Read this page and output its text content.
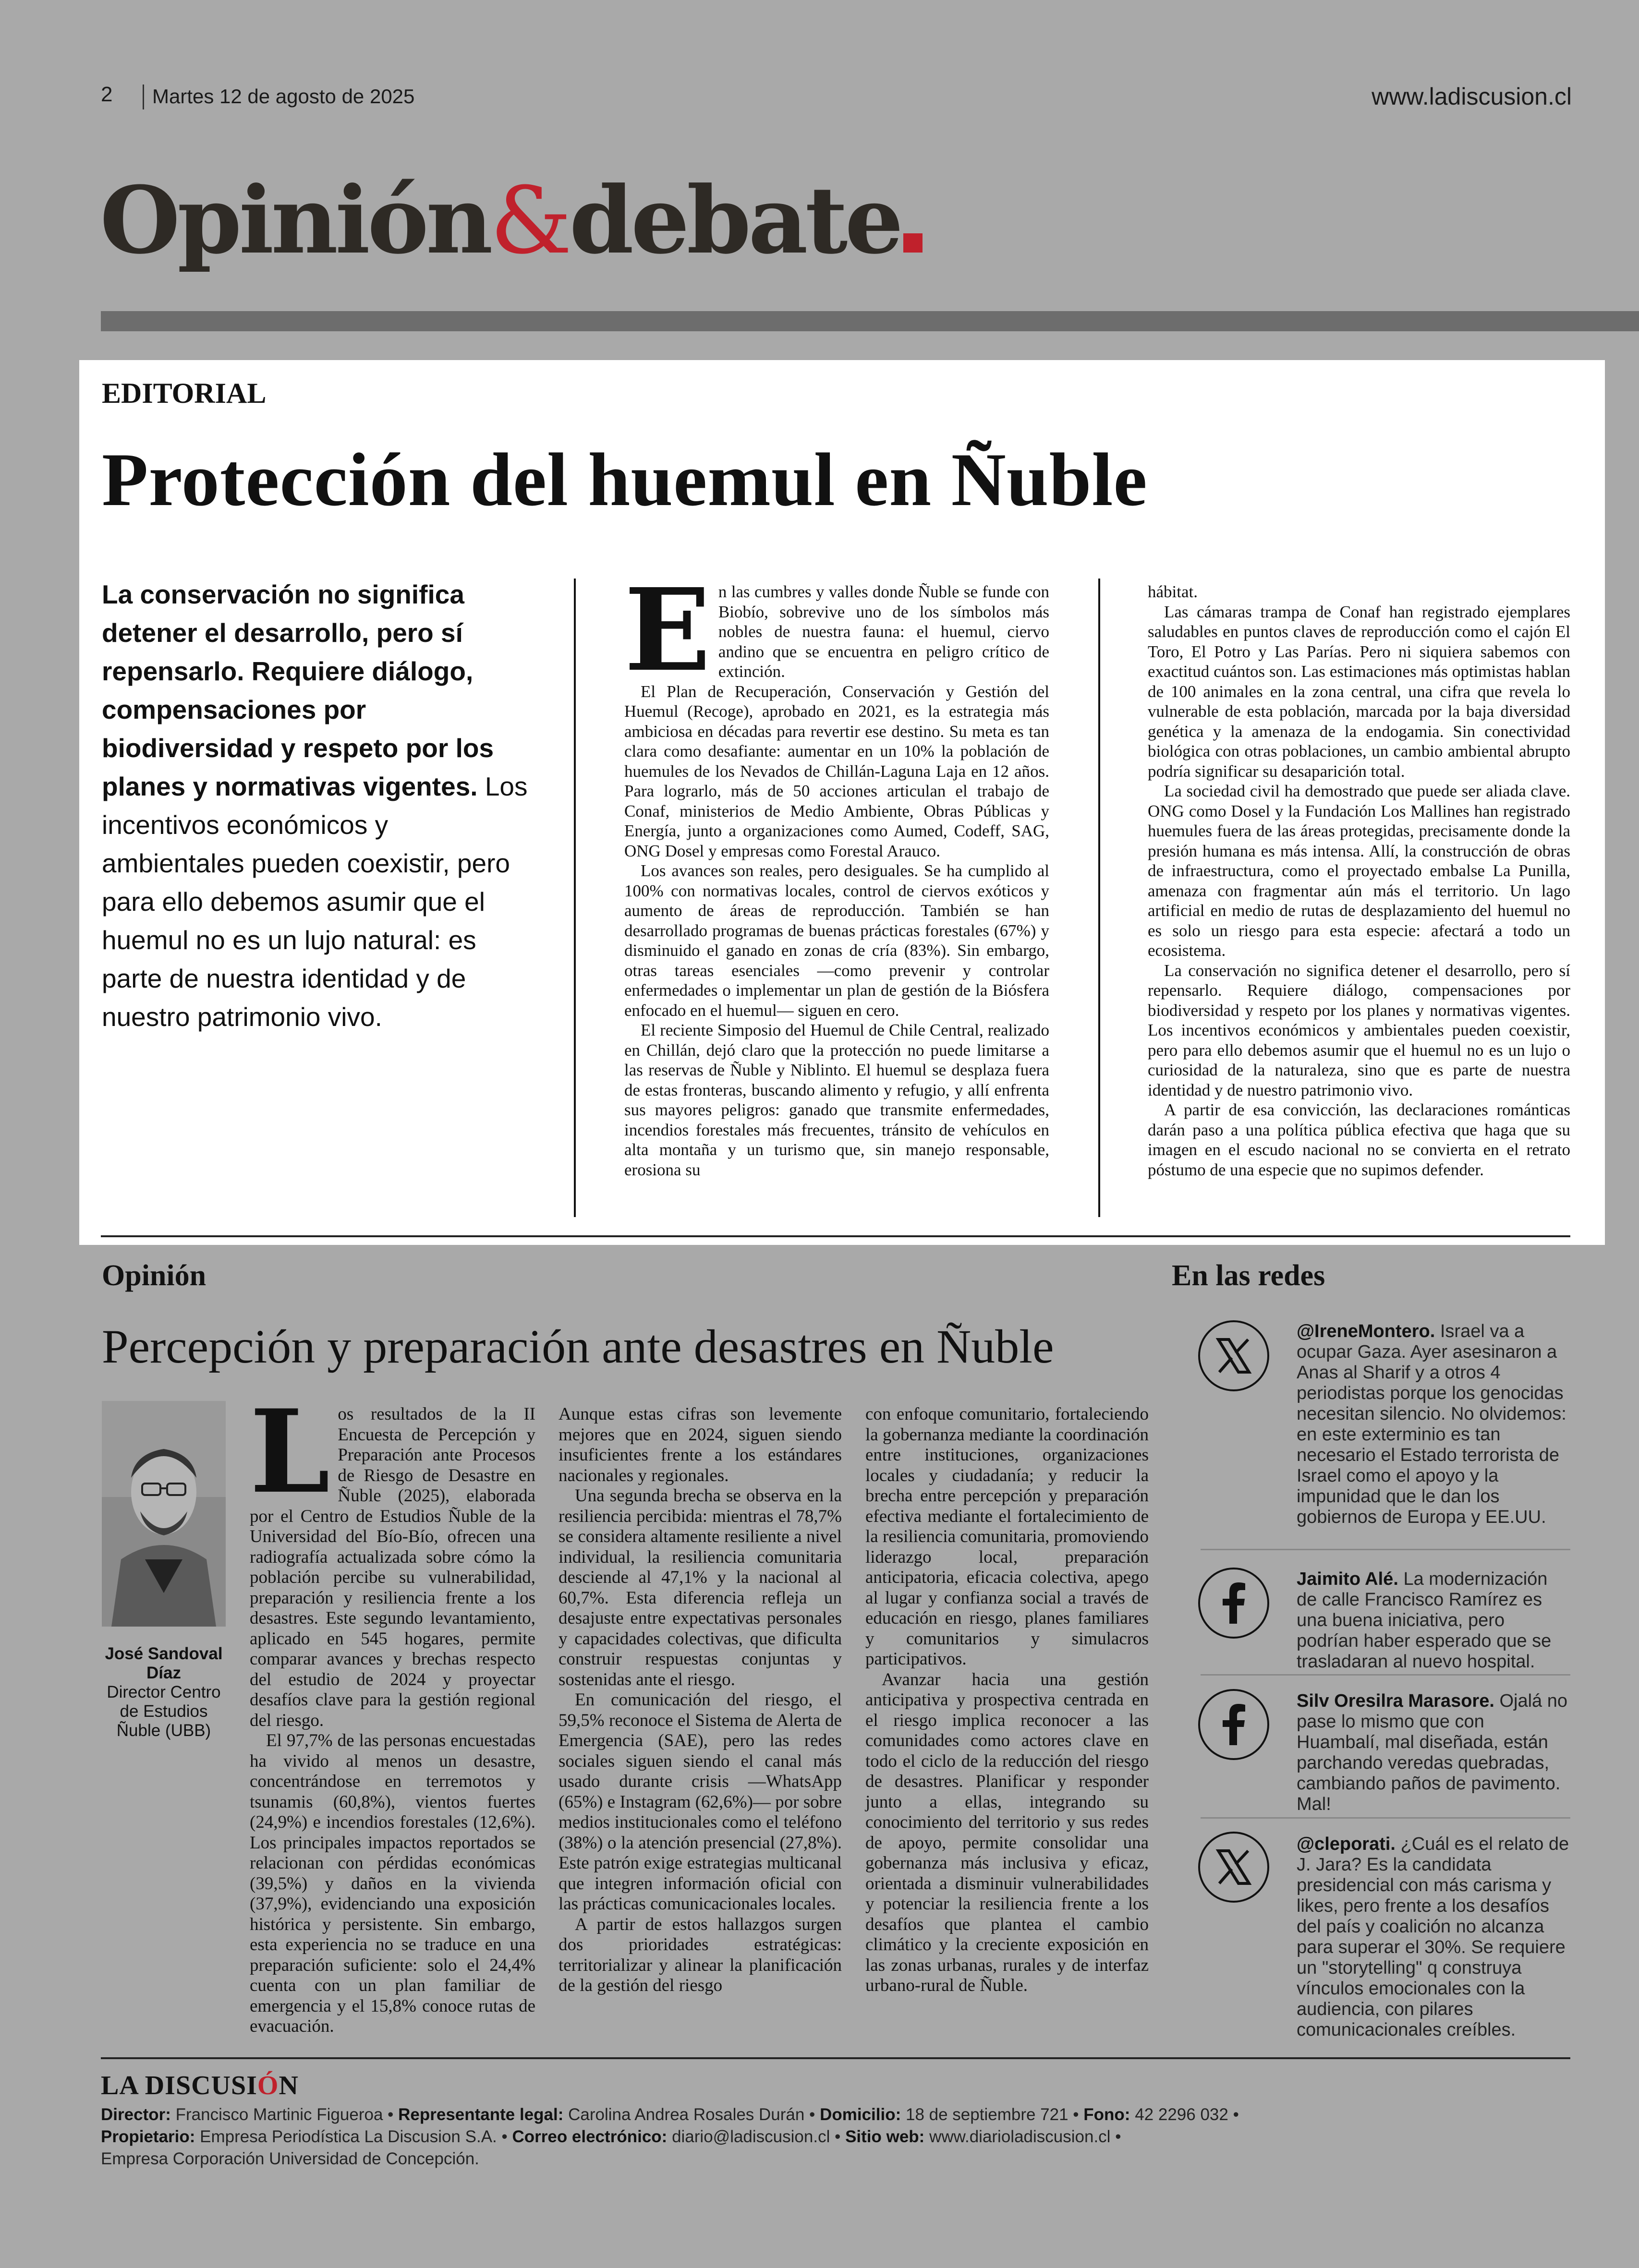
2 Martes 12 de agosto de 2025	www.ladiscusion.cl
Opinión&debate
EDITORIAL
Protección del huemul en Ñuble
La conservación no significa detener el desarrollo, pero sí repensarlo. Requiere diálogo, compensaciones por biodiversidad y respeto por los planes y normativas vigentes. Los incentivos económicos y ambientales pueden coexistir, pero para ello debemos asumir que el huemul no es un lujo natural: es parte de nuestra identidad y de nuestro patrimonio vivo.
E n las cumbres y valles donde Ñuble se funde con Biobío, sobrevive uno de los símbolos más nobles de nuestra fauna: el huemul, ciervo andino que se encuentra en peligro crítico de extinción.

El Plan de Recuperación, Conservación y Gestión del Huemul (Recoge), aprobado en 2021, es la estrategia más ambiciosa en décadas para revertir ese destino. Su meta es tan clara como desafiante: aumentar en un 10% la población de huemules de los Nevados de Chillán-Laguna Laja en 12 años. Para lograrlo, más de 50 acciones articulan el trabajo de Conaf, ministerios de Medio Ambiente, Obras Públicas y Energía, junto a organizaciones como Aumed, Codeff, SAG, ONG Dosel y empresas como Forestal Arauco.

Los avances son reales, pero desiguales. Se ha cumplido al 100% con normativas locales, control de ciervos exóticos y aumento de áreas de reproducción. También se han desarrollado programas de buenas prácticas forestales (67%) y disminuido el ganado en zonas de cría (83%). Sin embargo, otras tareas esenciales —como prevenir y controlar enfermedades o implementar un plan de gestión de la Biósfera enfocado en el huemul— siguen en cero.

El reciente Simposio del Huemul de Chile Central, realizado en Chillán, dejó claro que la protección no puede limitarse a las reservas de Ñuble y Niblinto. El huemul se desplaza fuera de estas fronteras, buscando alimento y refugio, y allí enfrenta sus mayores peligros: ganado que transmite enfermedades, incendios forestales más frecuentes, tránsito de vehículos en alta montaña y un turismo que, sin manejo responsable, erosiona su

hábitat.

Las cámaras trampa de Conaf han registrado ejemplares saludables en puntos claves de reproducción como el cajón El Toro, El Potro y Las Parías. Pero ni siquiera sabemos con exactitud cuántos son. Las estimaciones más optimistas hablan de 100 animales en la zona central, una cifra que revela lo vulnerable de esta población, marcada por la baja diversidad genética y la amenaza de la endogamia. Sin conectividad biológica con otras poblaciones, un cambio ambiental abrupto podría significar su desaparición total.

La sociedad civil ha demostrado que puede ser aliada clave. ONG como Dosel y la Fundación Los Mallines han registrado huemules fuera de las áreas protegidas, precisamente donde la presión humana es más intensa. Allí, la construcción de obras de infraestructura, como el proyectado embalse La Punilla, amenaza con fragmentar aún más el territorio. Un lago artificial en medio de rutas de desplazamiento del huemul no es solo un riesgo para esta especie: afectará a todo un ecosistema.

La conservación no significa detener el desarrollo, pero sí repensarlo. Requiere diálogo, compensaciones por biodiversidad y respeto por los planes y normativas vigentes. Los incentivos económicos y ambientales pueden coexistir, pero para ello debemos asumir que el huemul no es un lujo o curiosidad de la naturaleza, sino que es parte de nuestra identidad y de nuestro patrimonio vivo.

A partir de esa convicción, las declaraciones románticas darán paso a una política pública efectiva que haga que su imagen en el escudo nacional no se convierta en el retrato póstumo de una especie que no supimos defender.

Opinión
Percepción y preparación ante desastres en Ñuble
José Sandoval Díaz
Director Centro de Estudios Ñuble (UBB)
L os resultados de la II Encuesta de Percepción y Preparación ante Procesos de Riesgo de Desastre en Ñuble (2025), elaborada por el Centro de Estudios Ñuble de la Universidad del Bío-Bío, ofrecen una radiografía actualizada sobre cómo la población percibe su vulnerabilidad, preparación y resiliencia frente a los desastres. Este segundo levantamiento, aplicado en 545 hogares, permite comparar avances y brechas respecto del estudio de 2024 y proyectar desafíos clave para la gestión regional del riesgo.

El 97,7% de las personas encuestadas ha vivido al menos un desastre, concentrándose en terremotos y tsunamis (60,8%), vientos fuertes (24,9%) e incendios forestales (12,6%). Los principales impactos reportados se relacionan con pérdidas económicas (39,5%) y daños en la vivienda (37,9%), evidenciando una exposición histórica y persistente. Sin embargo, esta experiencia no se traduce en una preparación suficiente: solo el 24,4% cuenta con un plan familiar de emergencia y el 15,8% conoce rutas de evacuación.

Aunque estas cifras son levemente mejores que en 2024, siguen siendo insuficientes frente a los estándares nacionales y regionales.

Una segunda brecha se observa en la resiliencia percibida: mientras el 78,7% se considera altamente resiliente a nivel individual, la resiliencia comunitaria desciende al 47,1% y la nacional al 60,7%. Esta diferencia refleja un desajuste entre expectativas personales y capacidades colectivas, que dificulta construir respuestas conjuntas y sostenidas ante el riesgo.

En comunicación del riesgo, el 59,5% reconoce el Sistema de Alerta de Emergencia (SAE), pero las redes sociales siguen siendo el canal más usado durante crisis —WhatsApp (65%) e Instagram (62,6%)— por sobre medios institucionales como el teléfono (38%) o la atención presencial (27,8%). Este patrón exige estrategias multicanal que integren información oficial con las prácticas comunicacionales locales.

A partir de estos hallazgos surgen dos prioridades estratégicas: territorializar y alinear la planificación de la gestión del riesgo

con enfoque comunitario, fortaleciendo la gobernanza mediante la coordinación entre instituciones, organizaciones locales y ciudadanía; y reducir la brecha entre percepción y preparación efectiva mediante el fortalecimiento de la resiliencia comunitaria, promoviendo liderazgo local, preparación anticipatoria, eficacia colectiva, apego al lugar y confianza social a través de educación en riesgo, planes familiares y comunitarios y simulacros participativos.

Avanzar hacia una gestión anticipativa y prospectiva centrada en el riesgo implica reconocer a las comunidades como actores clave en todo el ciclo de la reducción del riesgo de desastres. Planificar y responder junto a ellas, integrando su conocimiento del territorio y sus redes de apoyo, permite consolidar una gobernanza más inclusiva y eficaz, orientada a disminuir vulnerabilidades y potenciar la resiliencia frente a los desafíos que plantea el cambio climático y la creciente exposición en las zonas urbanas, rurales y de interfaz urbano-rural de Ñuble.

En las redes
@IreneMontero. Israel va a ocupar Gaza. Ayer asesinaron a Anas al Sharif y a otros 4 periodistas porque los genocidas necesitan silencio. No olvidemos: en este exterminio es tan necesario el Estado terrorista de Israel como el apoyo y la impunidad que le dan los gobiernos de Europa y EE.UU.
Jaimito Alé. La modernización de calle Francisco Ramírez es una buena iniciativa, pero podrían haber esperado que se trasladaran al nuevo hospital.
Silv Oresilra Marasore. Ojalá no pase lo mismo que con Huambalí, mal diseñada, están parchando veredas quebradas, cambiando paños de pavimento. Mal!
@cleporati. ¿Cuál es el relato de J. Jara? Es la candidata presidencial con más carisma y likes, pero frente a los desafíos del país y coalición no alcanza para superar el 30%. Se requiere un "storytelling" q construya vínculos emocionales con la audiencia, con pilares comunicacionales creíbles.
LA DISCUSIÓN
Director: Francisco Martinic Figueroa • Representante legal: Carolina Andrea Rosales Durán • Domicilio: 18 de septiembre 721 • Fono: 42 2296 032 •
Propietario: Empresa Periodística La Discusion S.A. • Correo electrónico: diario@ladiscusion.cl • Sitio web: www.diarioladiscusion.cl •
Empresa Corporación Universidad de Concepción.
